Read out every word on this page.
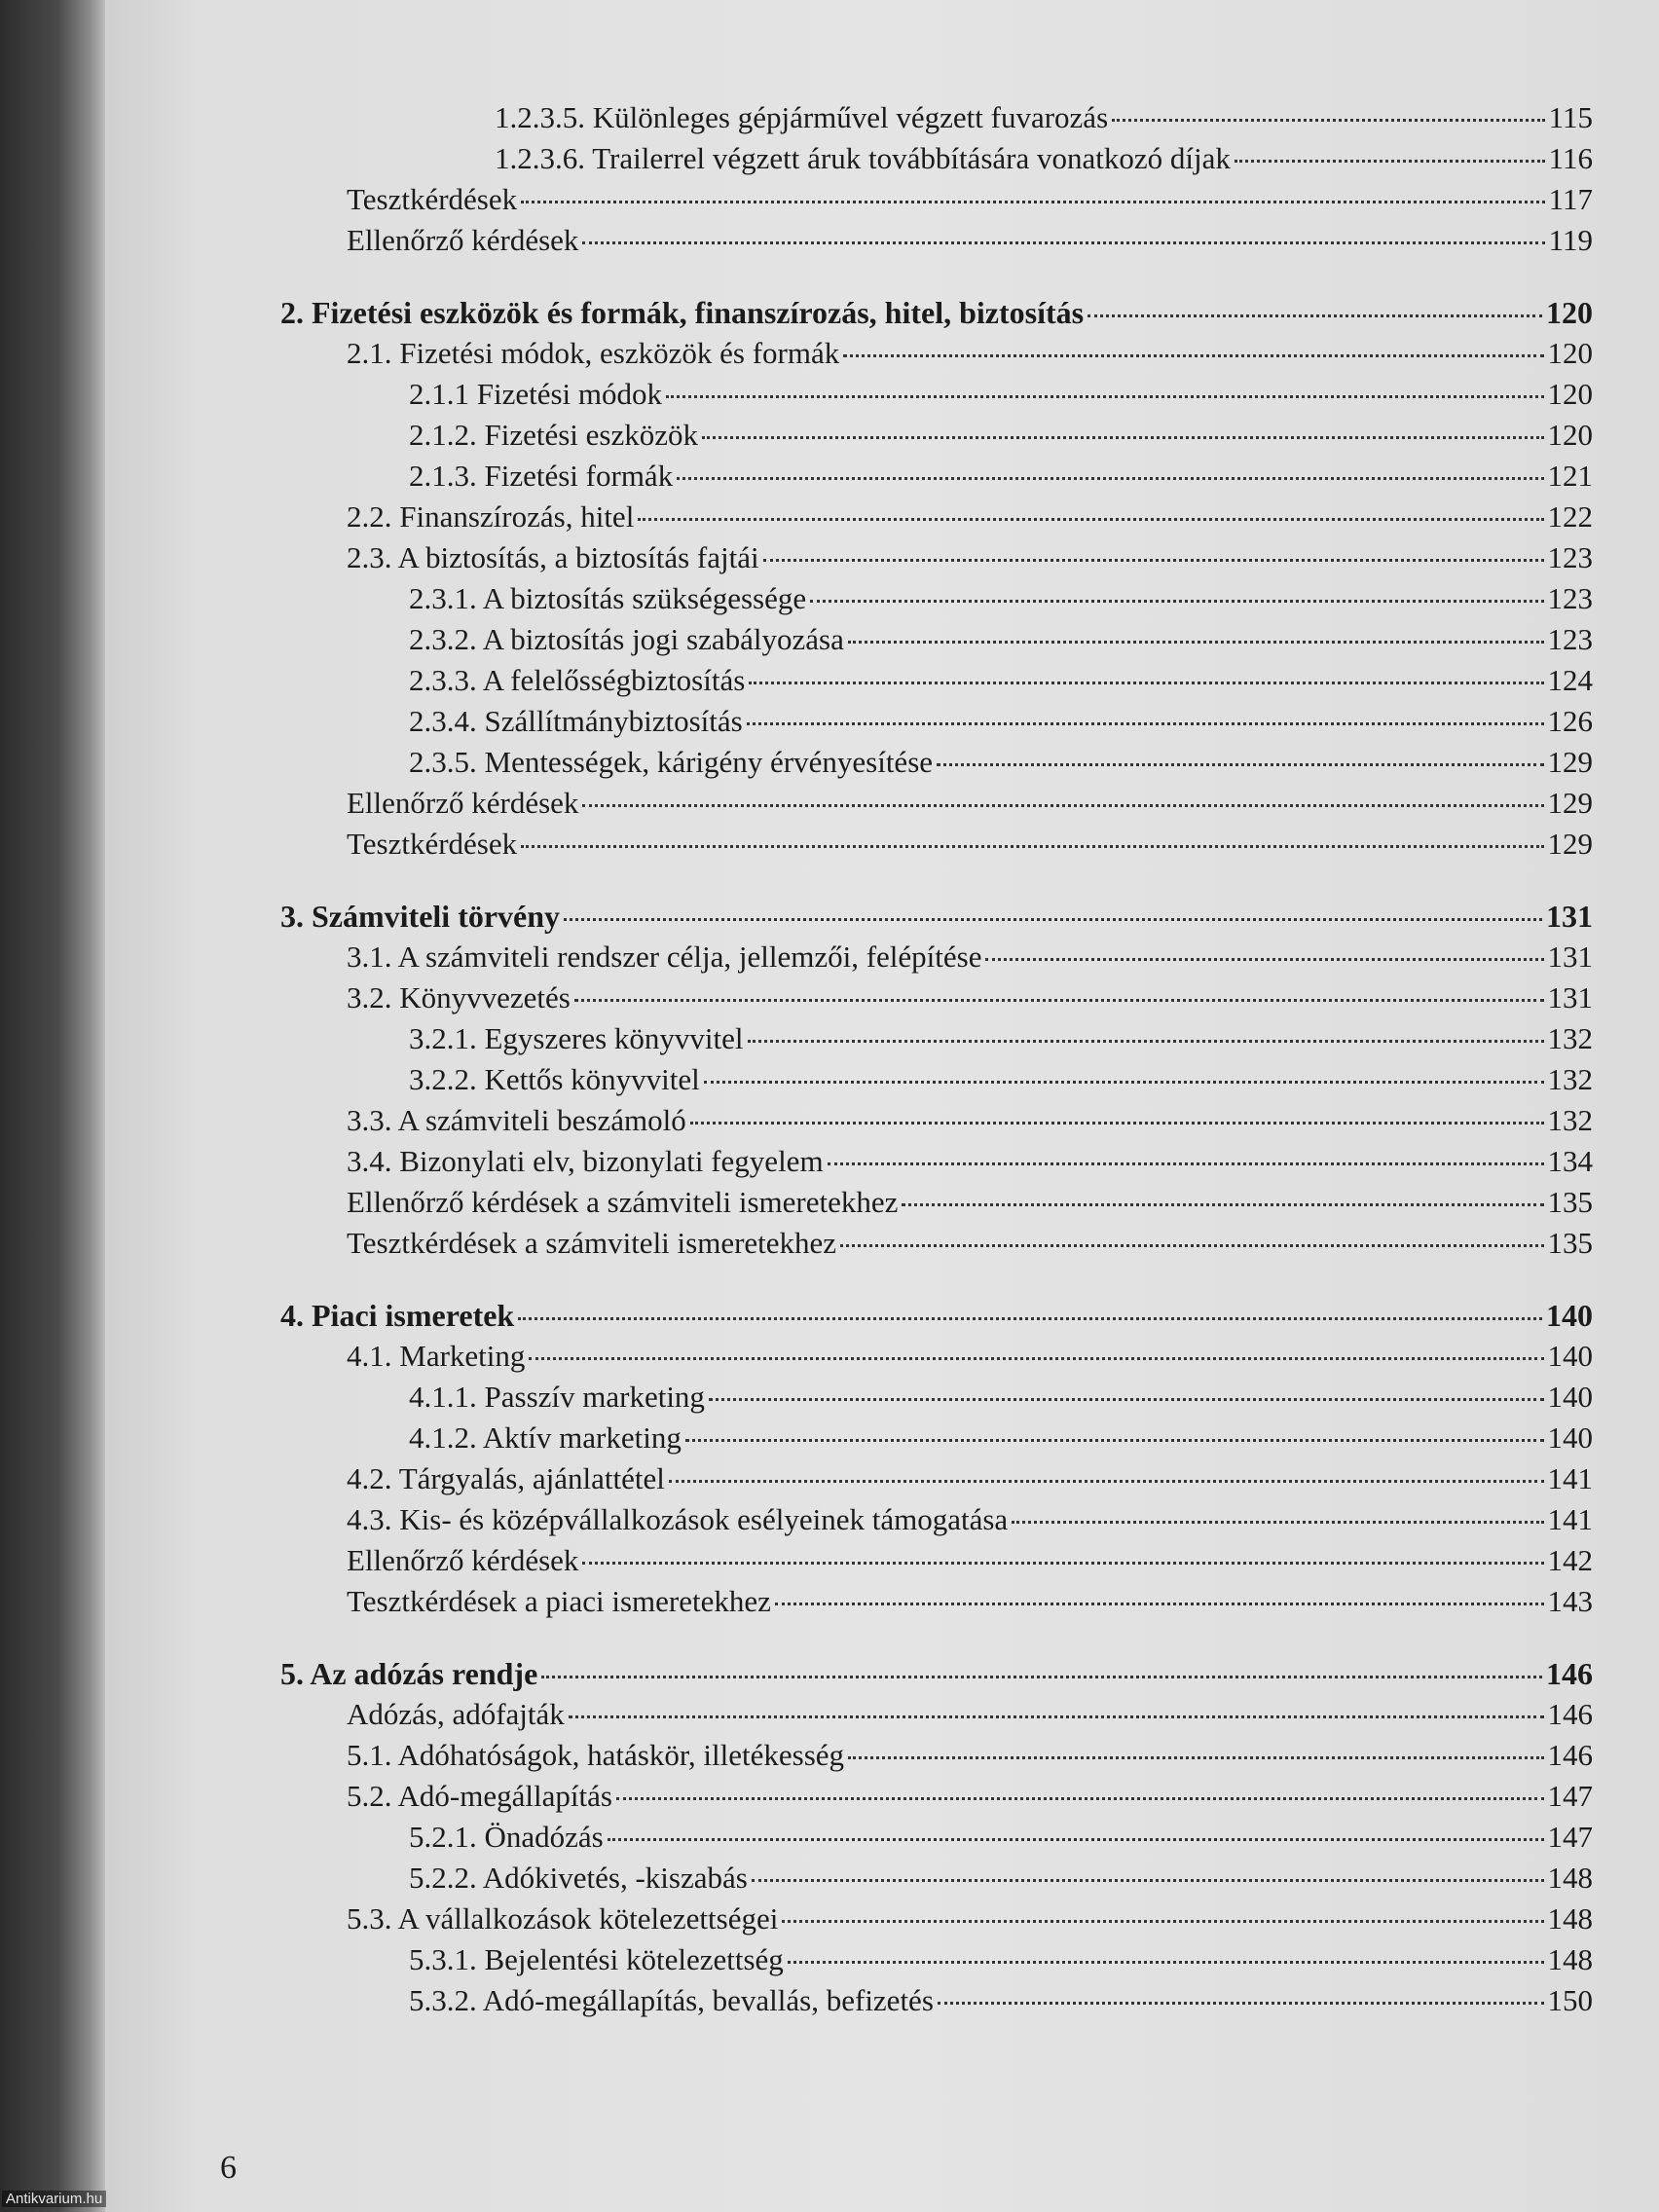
1.2.3.5. Különleges gépjárművel végzett fuvarozás	115
1.2.3.6. Trailerrel végzett áruk továbbítására vonatkozó díjak	116
Tesztkérdések	117
Ellenőrző kérdések	119
2. Fizetési eszközök és formák, finanszírozás, hitel, biztosítás	120
2.1. Fizetési módok, eszközök és formák	120
2.1.1 Fizetési módok	120
2.1.2. Fizetési eszközök	120
2.1.3. Fizetési formák	121
2.2. Finanszírozás, hitel	122
2.3. A biztosítás, a biztosítás fajtái	123
2.3.1. A biztosítás szükségessége	123
2.3.2. A biztosítás jogi szabályozása	123
2.3.3. A felelősségbiztosítás	124
2.3.4. Szállítmánybiztosítás	126
2.3.5. Mentességek, kárigény érvényesítése	129
Ellenőrző kérdések	129
Tesztkérdések	129
3. Számviteli törvény	131
3.1. A számviteli rendszer célja, jellemzői, felépítése	131
3.2. Könyvvezetés	131
3.2.1. Egyszeres könyvvitel	132
3.2.2. Kettős könyvvitel	132
3.3. A számviteli beszámoló	132
3.4. Bizonylati elv, bizonylati fegyelem	134
Ellenőrző kérdések a számviteli ismeretekhez	135
Tesztkérdések a számviteli ismeretekhez	135
4. Piaci ismeretek	140
4.1. Marketing	140
4.1.1. Passzív marketing	140
4.1.2. Aktív marketing	140
4.2. Tárgyalás, ajánlattétel	141
4.3. Kis- és középvállalkozások esélyeinek támogatása	141
Ellenőrző kérdések	142
Tesztkérdések a piaci ismeretekhez	143
5. Az adózás rendje	146
Adózás, adófajták	146
5.1. Adóhatóságok, hatáskör, illetékesség	146
5.2. Adó-megállapítás	147
5.2.1. Önadózás	147
5.2.2. Adókivetés, -kiszabás	148
5.3. A vállalkozások kötelezettségei	148
5.3.1. Bejelentési kötelezettség	148
5.3.2. Adó-megállapítás, bevallás, befizetés	150
6
Antikvarium.hu
